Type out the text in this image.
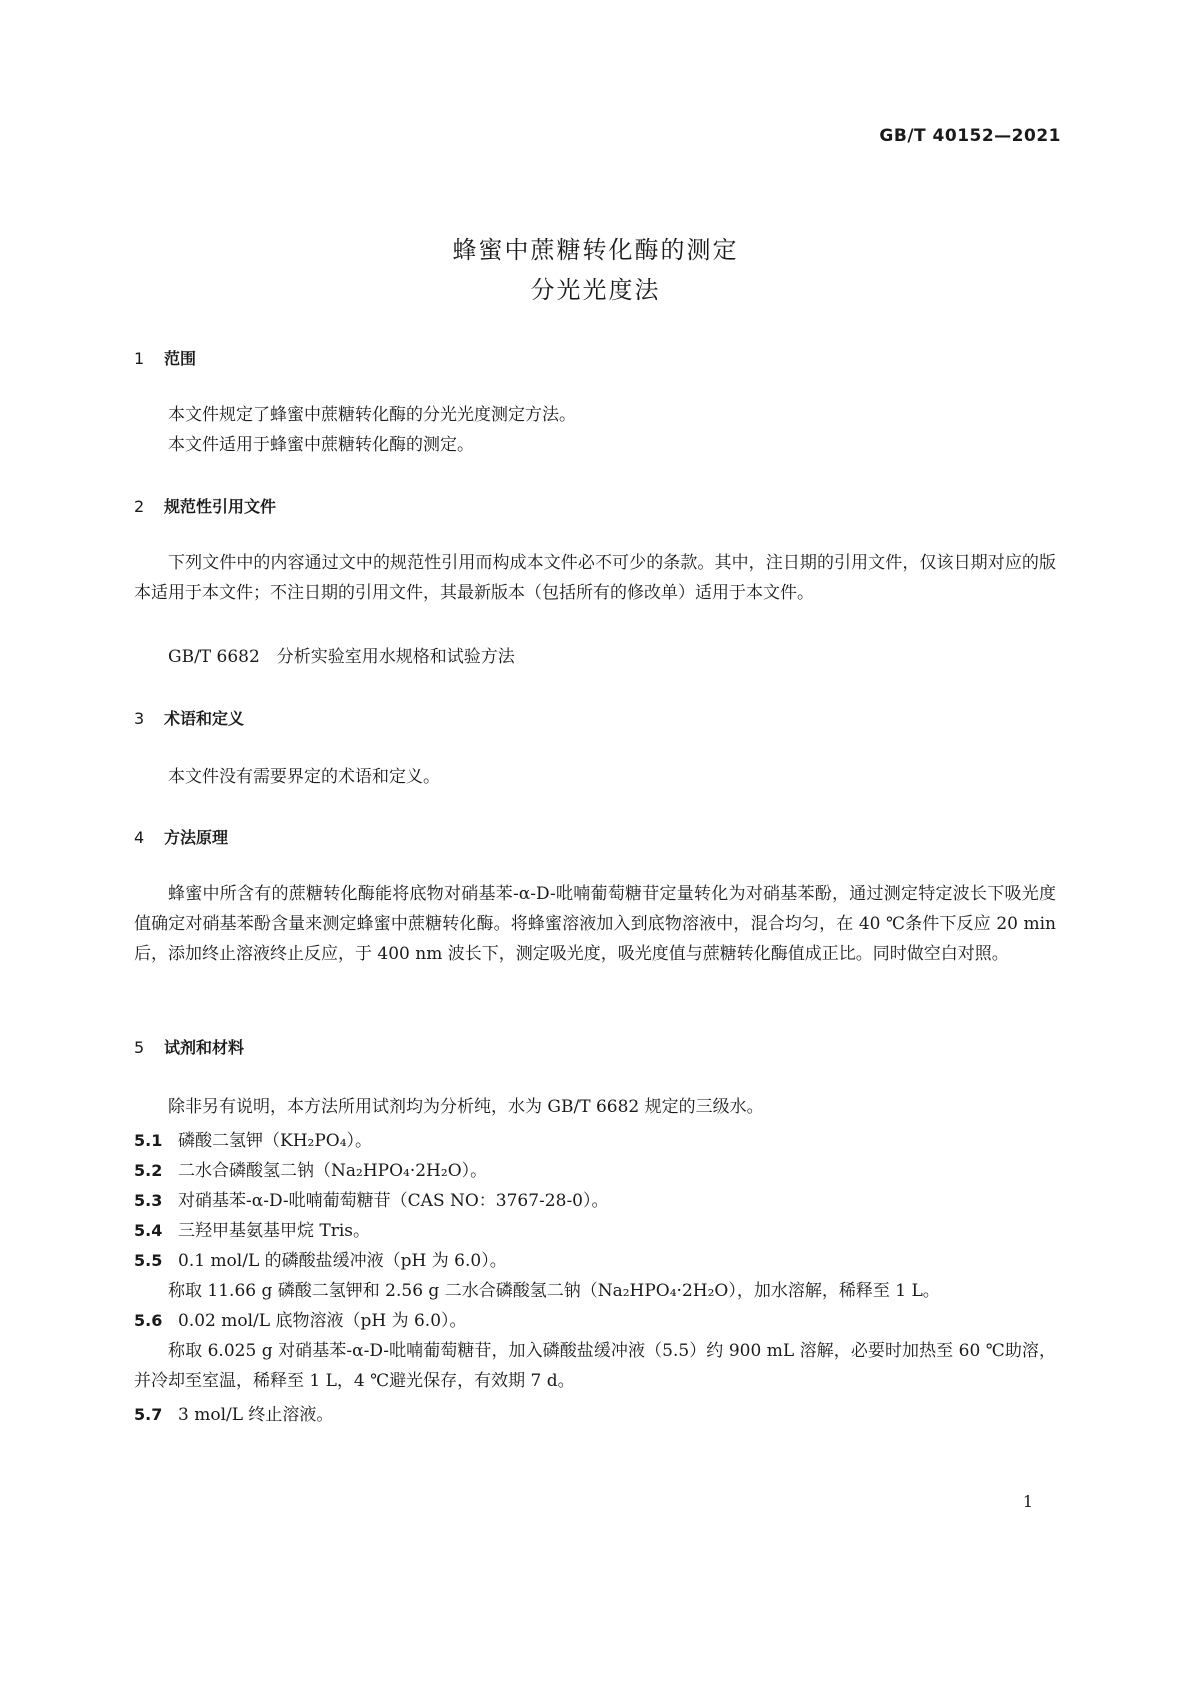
GB/T 40152—2021
蜂蜜中蔗糖转化酶的测定
分光光度法
1 范围
本文件规定了蜂蜜中蔗糖转化酶的分光光度测定方法。
本文件适用于蜂蜜中蔗糖转化酶的测定。
2 规范性引用文件
下列文件中的内容通过文中的规范性引用而构成本文件必不可少的条款。其中，注日期的引用文件，仅该日期对应的版本适用于本文件；不注日期的引用文件，其最新版本（包括所有的修改单）适用于本文件。
GB/T 6682　分析实验室用水规格和试验方法
3 术语和定义
本文件没有需要界定的术语和定义。
4 方法原理
蜂蜜中所含有的蔗糖转化酶能将底物对硝基苯-α-D-吡喃葡萄糖苷定量转化为对硝基苯酚，通过测定特定波长下吸光度值确定对硝基苯酚含量来测定蜂蜜中蔗糖转化酶。将蜂蜜溶液加入到底物溶液中，混合均匀，在 40 ℃条件下反应 20 min 后，添加终止溶液终止反应，于 400 nm 波长下，测定吸光度，吸光度值与蔗糖转化酶值成正比。同时做空白对照。
5 试剂和材料
除非另有说明，本方法所用试剂均为分析纯，水为 GB/T 6682 规定的三级水。
5.1 磷酸二氢钾（KH₂PO₄）。
5.2 二水合磷酸氢二钠（Na₂HPO₄·2H₂O）。
5.3 对硝基苯-α-D-吡喃葡萄糖苷（CAS NO：3767-28-0）。
5.4 三羟甲基氨基甲烷 Tris。
5.5 0.1 mol/L 的磷酸盐缓冲液（pH 为 6.0）。
称取 11.66 g 磷酸二氢钾和 2.56 g 二水合磷酸氢二钠（Na₂HPO₄·2H₂O），加水溶解，稀释至 1 L。
5.6 0.02 mol/L 底物溶液（pH 为 6.0）。
称取 6.025 g 对硝基苯-α-D-吡喃葡萄糖苷，加入磷酸盐缓冲液（5.5）约 900 mL 溶解，必要时加热至 60 ℃助溶，并冷却至室温，稀释至 1 L，4 ℃避光保存，有效期 7 d。
5.7 3 mol/L 终止溶液。
1
